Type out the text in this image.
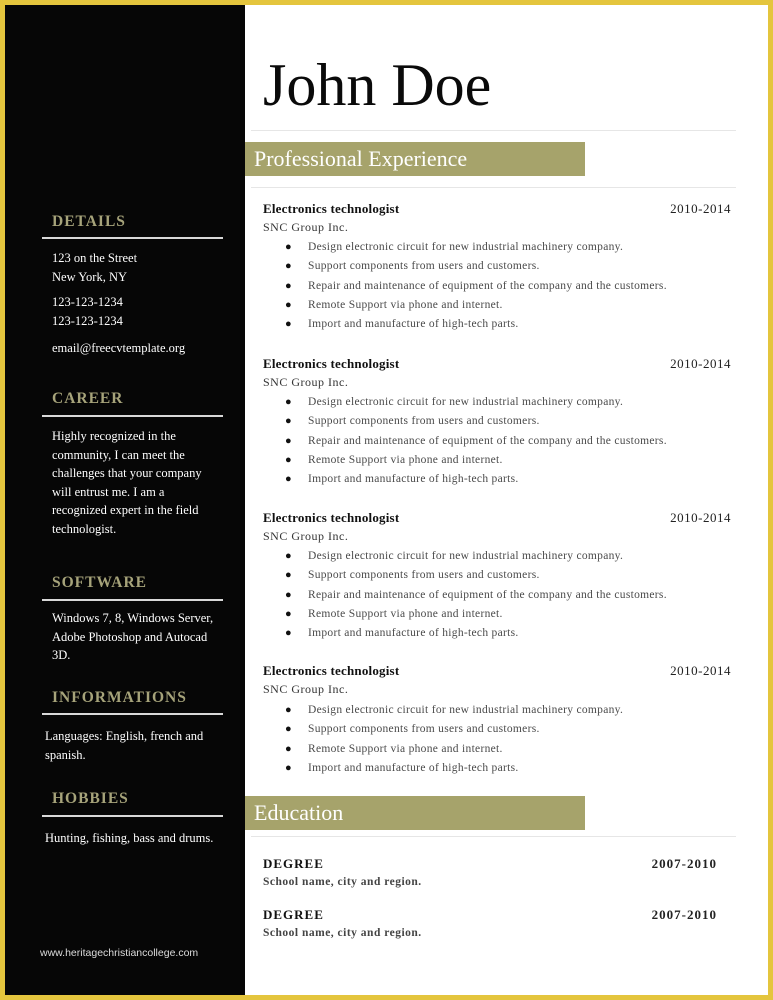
DETAILS

123 on the Street

New York, NY

123-123-1234

123-123-1234

email@freecvtemplate.org

CAREER

Highly recognized in the community, I can meet the challenges that your company will entrust me. I am a recognized expert in the field technologist.

SOFTWARE

Windows 7, 8, Windows Server, Adobe Photoshop and Autocad 3D.

INFORMATIONS

Languages: English, french and spanish.

HOBBIES

Hunting, fishing, bass and drums.

www.heritagechristiancollege.com
John Doe
Professional Experience
Electronics technologist	2010-2014
SNC Group Inc.
● Design electronic circuit for new industrial machinery company.
● Support components from users and customers.
● Repair and maintenance of equipment of the company and the customers.
● Remote Support via phone and internet.
● Import and manufacture of high-tech parts.
Electronics technologist	2010-2014
SNC Group Inc.
● Design electronic circuit for new industrial machinery company.
● Support components from users and customers.
● Repair and maintenance of equipment of the company and the customers.
● Remote Support via phone and internet.
● Import and manufacture of high-tech parts.
Electronics technologist	2010-2014
SNC Group Inc.
● Design electronic circuit for new industrial machinery company.
● Support components from users and customers.
● Repair and maintenance of equipment of the company and the customers.
● Remote Support via phone and internet.
● Import and manufacture of high-tech parts.
Electronics technologist	2010-2014
SNC Group Inc.
● Design electronic circuit for new industrial machinery company.
● Support components from users and customers.
● Remote Support via phone and internet.
● Import and manufacture of high-tech parts.
Education
DEGREE	2007-2010
School name, city and region.
DEGREE	2007-2010
School name, city and region.
